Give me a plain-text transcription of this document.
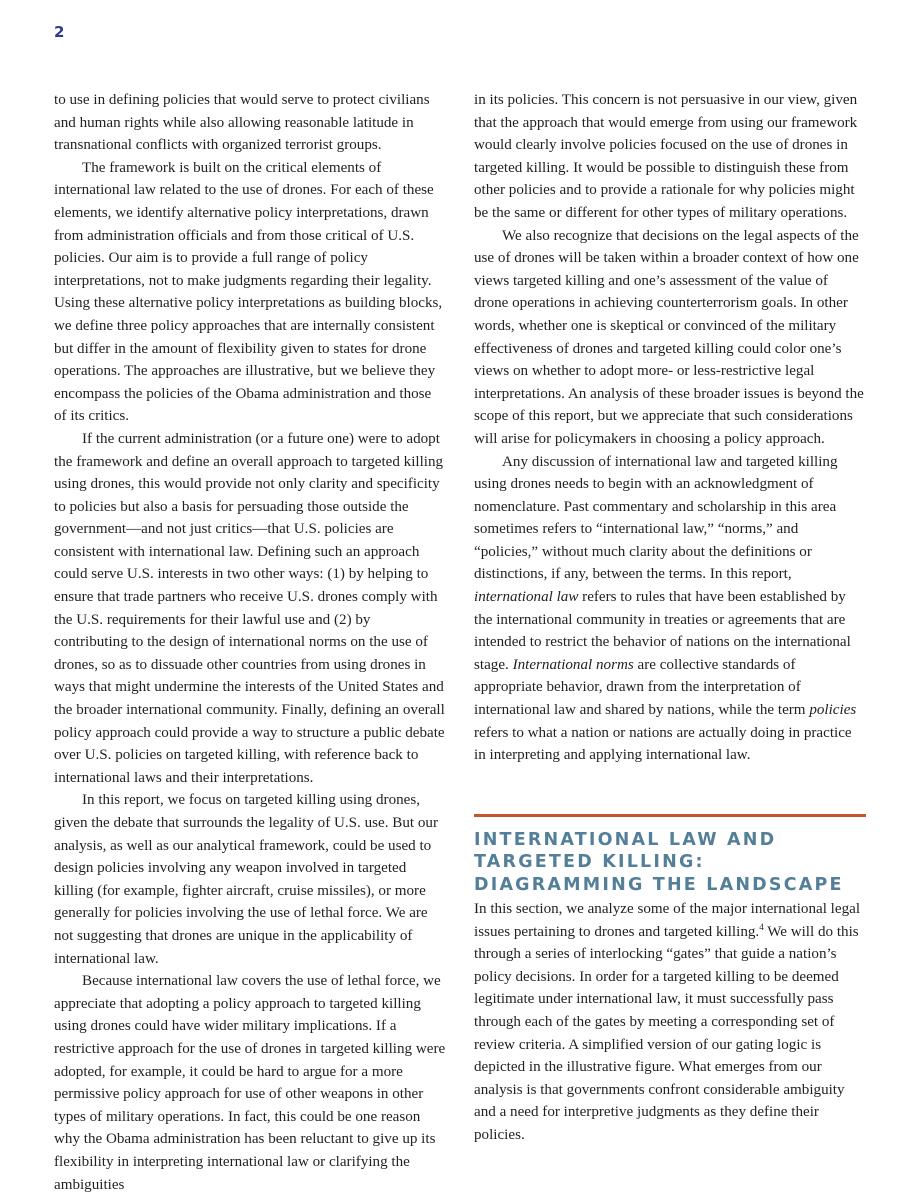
2

to use in defining policies that would serve to protect civilians and human rights while also allowing reasonable latitude in transnational conflicts with organized terrorist groups.

The framework is built on the critical elements of international law related to the use of drones. For each of these elements, we identify alternative policy interpretations, drawn from administration officials and from those critical of U.S. policies. Our aim is to provide a full range of policy interpretations, not to make judgments regarding their legality. Using these alternative policy interpretations as building blocks, we define three policy approaches that are internally consistent but differ in the amount of flexibility given to states for drone operations. The approaches are illustrative, but we believe they encompass the policies of the Obama administration and those of its critics.

If the current administration (or a future one) were to adopt the framework and define an overall approach to targeted killing using drones, this would provide not only clarity and specificity to policies but also a basis for persuading those outside the government—and not just critics—that U.S. policies are consistent with international law. Defining such an approach could serve U.S. interests in two other ways: (1) by helping to ensure that trade partners who receive U.S. drones comply with the U.S. requirements for their lawful use and (2) by contributing to the design of international norms on the use of drones, so as to dissuade other countries from using drones in ways that might undermine the interests of the United States and the broader international community. Finally, defining an overall policy approach could provide a way to structure a public debate over U.S. policies on targeted killing, with reference back to international laws and their interpretations.

In this report, we focus on targeted killing using drones, given the debate that surrounds the legality of U.S. use. But our analysis, as well as our analytical framework, could be used to design policies involving any weapon involved in targeted killing (for example, fighter aircraft, cruise missiles), or more generally for policies involving the use of lethal force. We are not suggesting that drones are unique in the applicability of international law.

Because international law covers the use of lethal force, we appreciate that adopting a policy approach to targeted killing using drones could have wider military implications. If a restrictive approach for the use of drones in targeted killing were adopted, for example, it could be hard to argue for a more permissive policy approach for use of other weapons in other types of military operations. In fact, this could be one reason why the Obama administration has been reluctant to give up its flexibility in interpreting international law or clarifying the ambiguities

in its policies. This concern is not persuasive in our view, given that the approach that would emerge from using our framework would clearly involve policies focused on the use of drones in targeted killing. It would be possible to distinguish these from other policies and to provide a rationale for why policies might be the same or different for other types of military operations.

We also recognize that decisions on the legal aspects of the use of drones will be taken within a broader context of how one views targeted killing and one’s assessment of the value of drone operations in achieving counterterrorism goals. In other words, whether one is skeptical or convinced of the military effectiveness of drones and targeted killing could color one’s views on whether to adopt more- or less-restrictive legal interpretations. An analysis of these broader issues is beyond the scope of this report, but we appreciate that such considerations will arise for policymakers in choosing a policy approach.

Any discussion of international law and targeted killing using drones needs to begin with an acknowledgment of nomenclature. Past commentary and scholarship in this area sometimes refers to “international law,” “norms,” and “policies,” without much clarity about the definitions or distinctions, if any, between the terms. In this report, international law refers to rules that have been established by the international community in treaties or agreements that are intended to restrict the behavior of nations on the international stage. International norms are collective standards of appropriate behavior, drawn from the interpretation of international law and shared by nations, while the term policies refers to what a nation or nations are actually doing in practice in interpreting and applying international law.

INTERNATIONAL LAW AND TARGETED KILLING: DIAGRAMMING THE LANDSCAPE

In this section, we analyze some of the major international legal issues pertaining to drones and targeted killing.$^4$ We will do this through a series of interlocking “gates” that guide a nation’s policy decisions. In order for a targeted killing to be deemed legitimate under international law, it must successfully pass through each of the gates by meeting a corresponding set of review criteria. A simplified version of our gating logic is depicted in the illustrative figure. What emerges from our analysis is that governments confront considerable ambiguity and a need for interpretive judgments as they define their policies.
